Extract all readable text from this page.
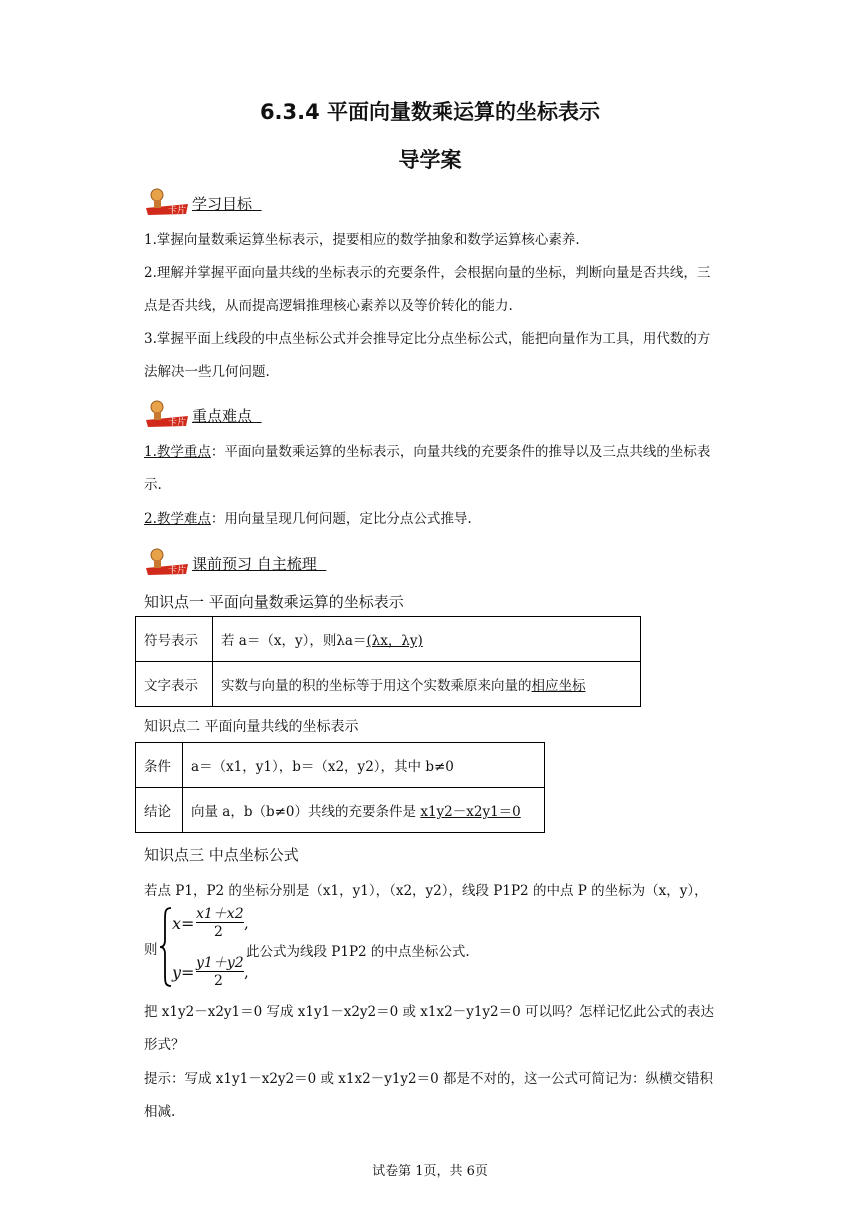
6.3.4 平面向量数乘运算的坐标表示
导学案
卡片 学习目标
1.掌握向量数乘运算坐标表示，提要相应的数学抽象和数学运算核心素养.
2.理解并掌握平面向量共线的坐标表示的充要条件，会根据向量的坐标，判断向量是否共线，三点是否共线，从而提高逻辑推理核心素养以及等价转化的能力.
3.掌握平面上线段的中点坐标公式并会推导定比分点坐标公式，能把向量作为工具，用代数的方法解决一些几何问题.
卡片 重点难点
1.教学重点：平面向量数乘运算的坐标表示，向量共线的充要条件的推导以及三点共线的坐标表示.
2.教学难点：用向量呈现几何问题，定比分点公式推导.
卡片 课前预习 自主梳理
知识点一 平面向量数乘运算的坐标表示
符号表示	若 a＝（x，y），则λa＝(λx，λy)
文字表示	实数与向量的积的坐标等于用这个实数乘原来向量的相应坐标
知识点二 平面向量共线的坐标表示
条件	a＝（x1，y1），b＝（x2，y2），其中 b≠0
结论	向量 a，b（b≠0）共线的充要条件是 x1y2－x2y1＝0
知识点三 中点坐标公式
若点 P1，P2 的坐标分别是（x1，y1），（x2，y2），线段 P1P2 的中点 P 的坐标为（x，y），
则
x= x1＋x2
2 ,
y= y1＋y2
2 ,
此公式为线段 P1P2 的中点坐标公式.
把 x1y2－x2y1＝0 写成 x1y1－x2y2＝0 或 x1x2－y1y2＝0 可以吗？怎样记忆此公式的表达形式？
提示：写成 x1y1－x2y2＝0 或 x1x2－y1y2＝0 都是不对的，这一公式可简记为：纵横交错积相减.
试卷第 1页，共 6页
